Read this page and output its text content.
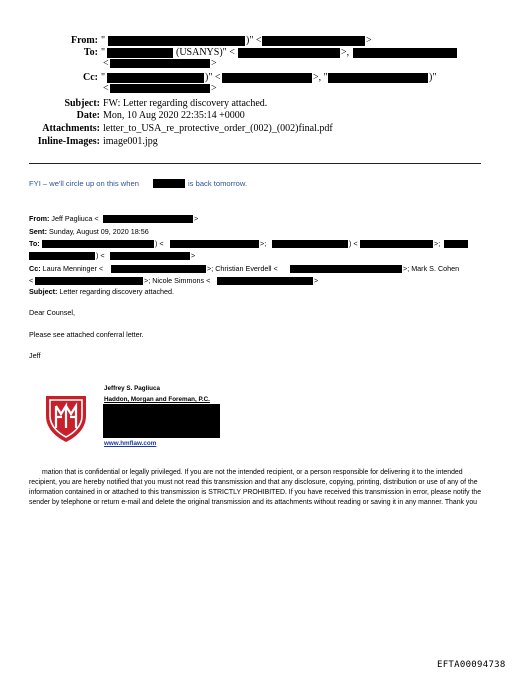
From: "	)" <	>
To: "	(USANYS)" <	>,
<	>
Cc: "	)" <	>, "	)"
<	>
Subject: FW: Letter regarding discovery attached.
Date: Mon, 10 Aug 2020 22:35:14 +0000
Attachments: letter_to_USA_re_protective_order_(002)_(002)final.pdf
Inline-Images: image001.jpg
FYI – we'll circle up on this when	is back tomorrow.
From: Jeff Pagliuca <	>
Sent: Sunday, August 09, 2020 18:56
To:	) <	>;	) <	>;
) <	>
Cc: Laura Menninger <	>; Christian Everdell <	>; Mark S. Cohen
<	>; Nicole Simmons <	>
Subject: Letter regarding discovery attached.
Dear Counsel,
Please see attached conferral letter.
Jeff
Jeffrey S. Pagliuca
Haddon, Morgan and Foreman, P.C.
www.hmflaw.com
mation that is confidential or legally privileged. If you are not the intended recipient, or a person responsible for delivering it to the intended recipient, you are hereby notified that you must not read this transmission and that any disclosure, copying, printing, distribution or use of any of the information contained in or attached to this transmission is STRICTLY PROHIBITED. If you have received this transmission in error, please notify the sender by telephone or return e-mail and delete the original transmission and its attachments without reading or saving it in any manner. Thank you
EFTA00094738
